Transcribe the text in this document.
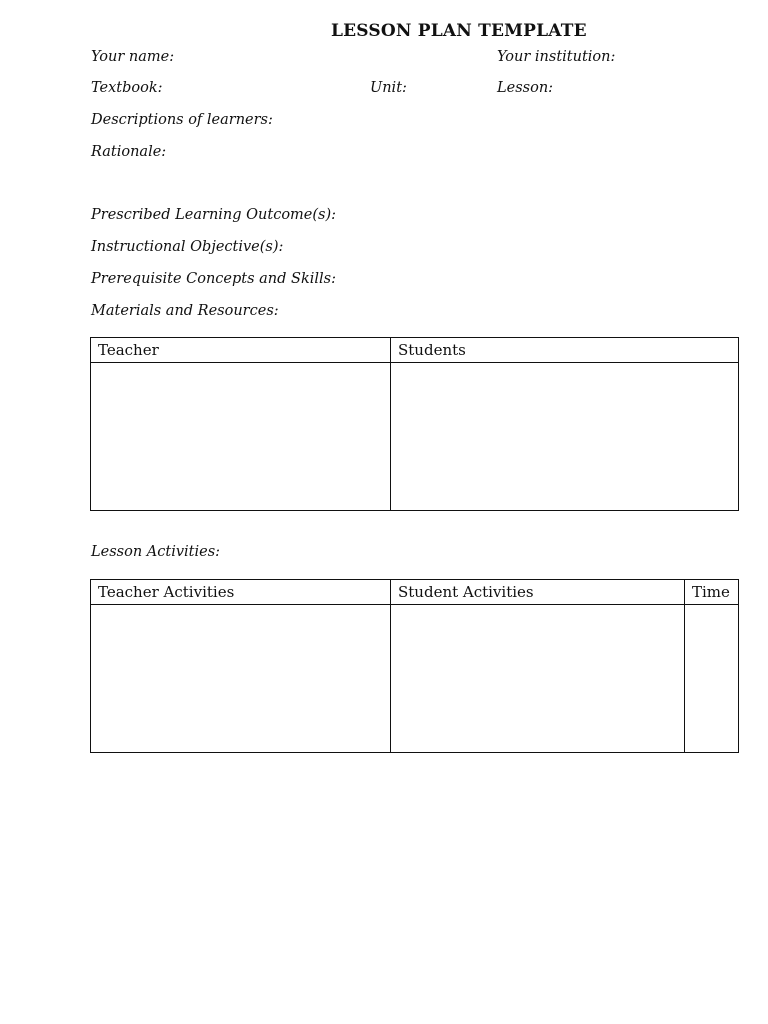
LESSON PLAN TEMPLATE
Your name:	Your institution:
Textbook:	Unit:	Lesson:
Descriptions of learners:
Rationale:
Prescribed Learning Outcome(s):
Instructional Objective(s):
Prerequisite Concepts and Skills:
Materials and Resources:
Teacher	Students

Lesson Activities:
Teacher Activities	Student Activities	Time
